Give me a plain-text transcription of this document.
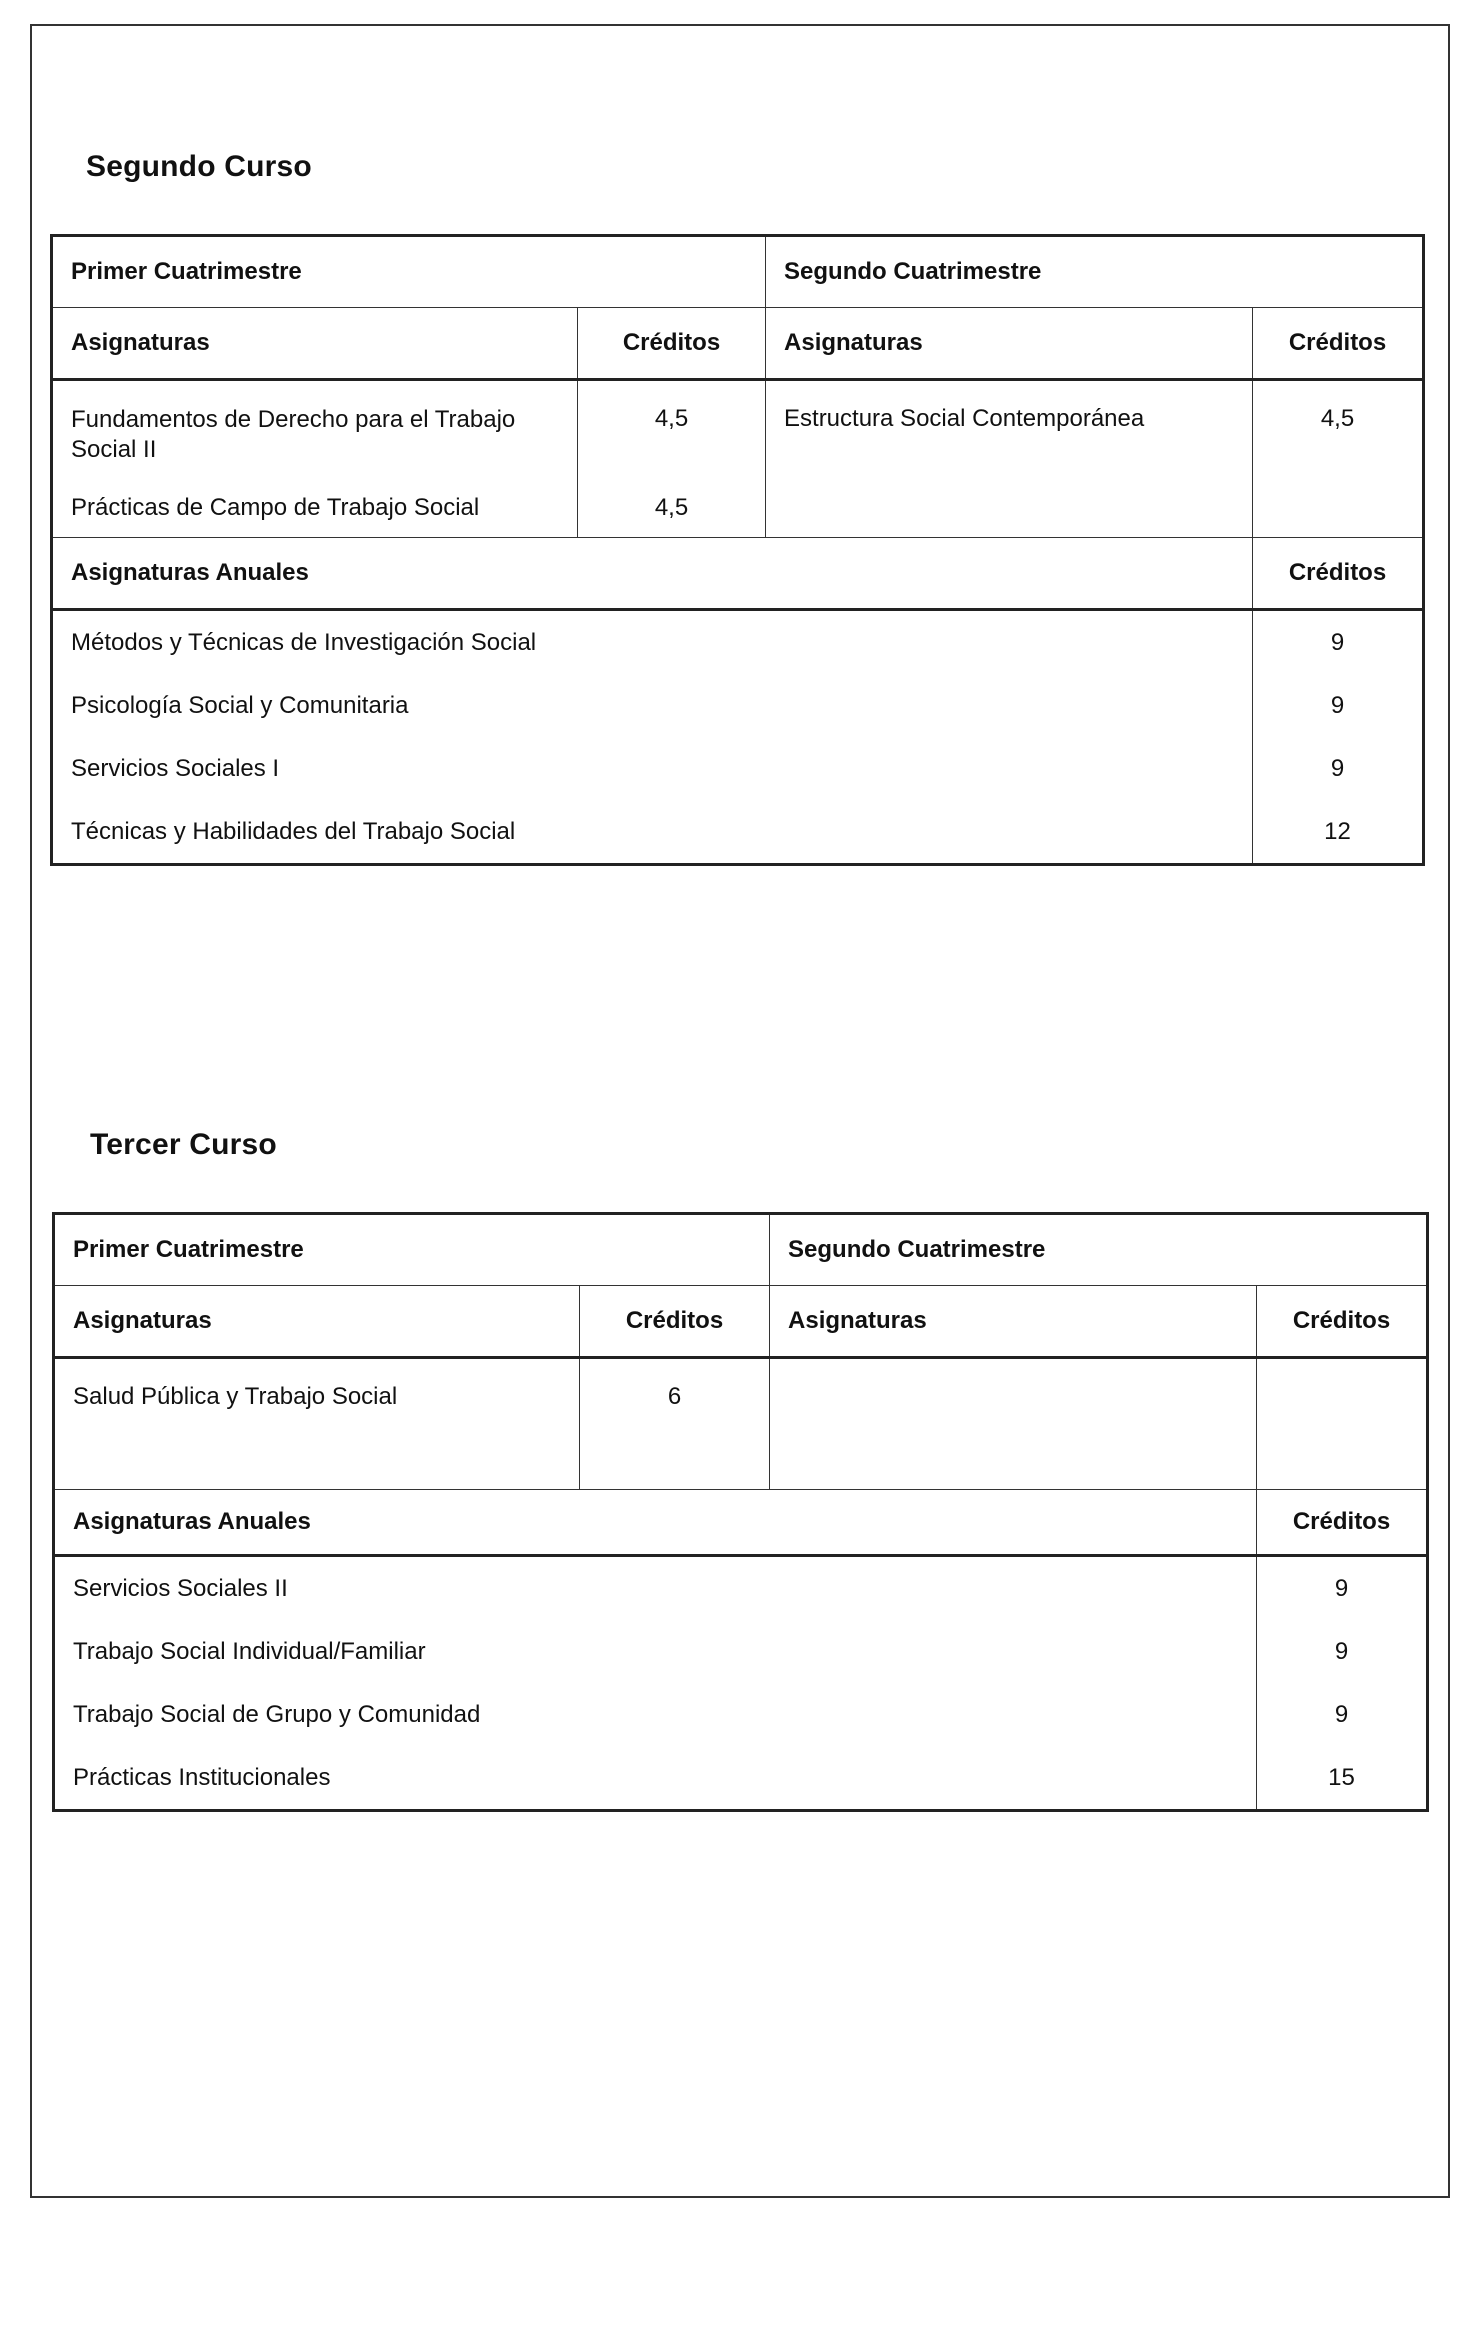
Segundo Curso
Primer Cuatrimestre		Segundo Cuatrimestre	
Asignaturas	Créditos	Asignaturas	Créditos
Fundamentos de Derecho para el Trabajo Social II	4,5	Estructura Social Contemporánea	4,5
Prácticas de Campo de Trabajo Social	4,5		
Asignaturas Anuales			Créditos
Métodos y Técnicas de Investigación Social			9
Psicología Social y Comunitaria			9
Servicios Sociales I			9
Técnicas y Habilidades del Trabajo Social			12
Tercer Curso
Primer Cuatrimestre		Segundo Cuatrimestre	
Asignaturas	Créditos	Asignaturas	Créditos
Salud Pública y Trabajo Social	6		
Asignaturas Anuales			Créditos
Servicios Sociales II			9
Trabajo Social Individual/Familiar			9
Trabajo Social de Grupo y Comunidad			9
Prácticas Institucionales			15
